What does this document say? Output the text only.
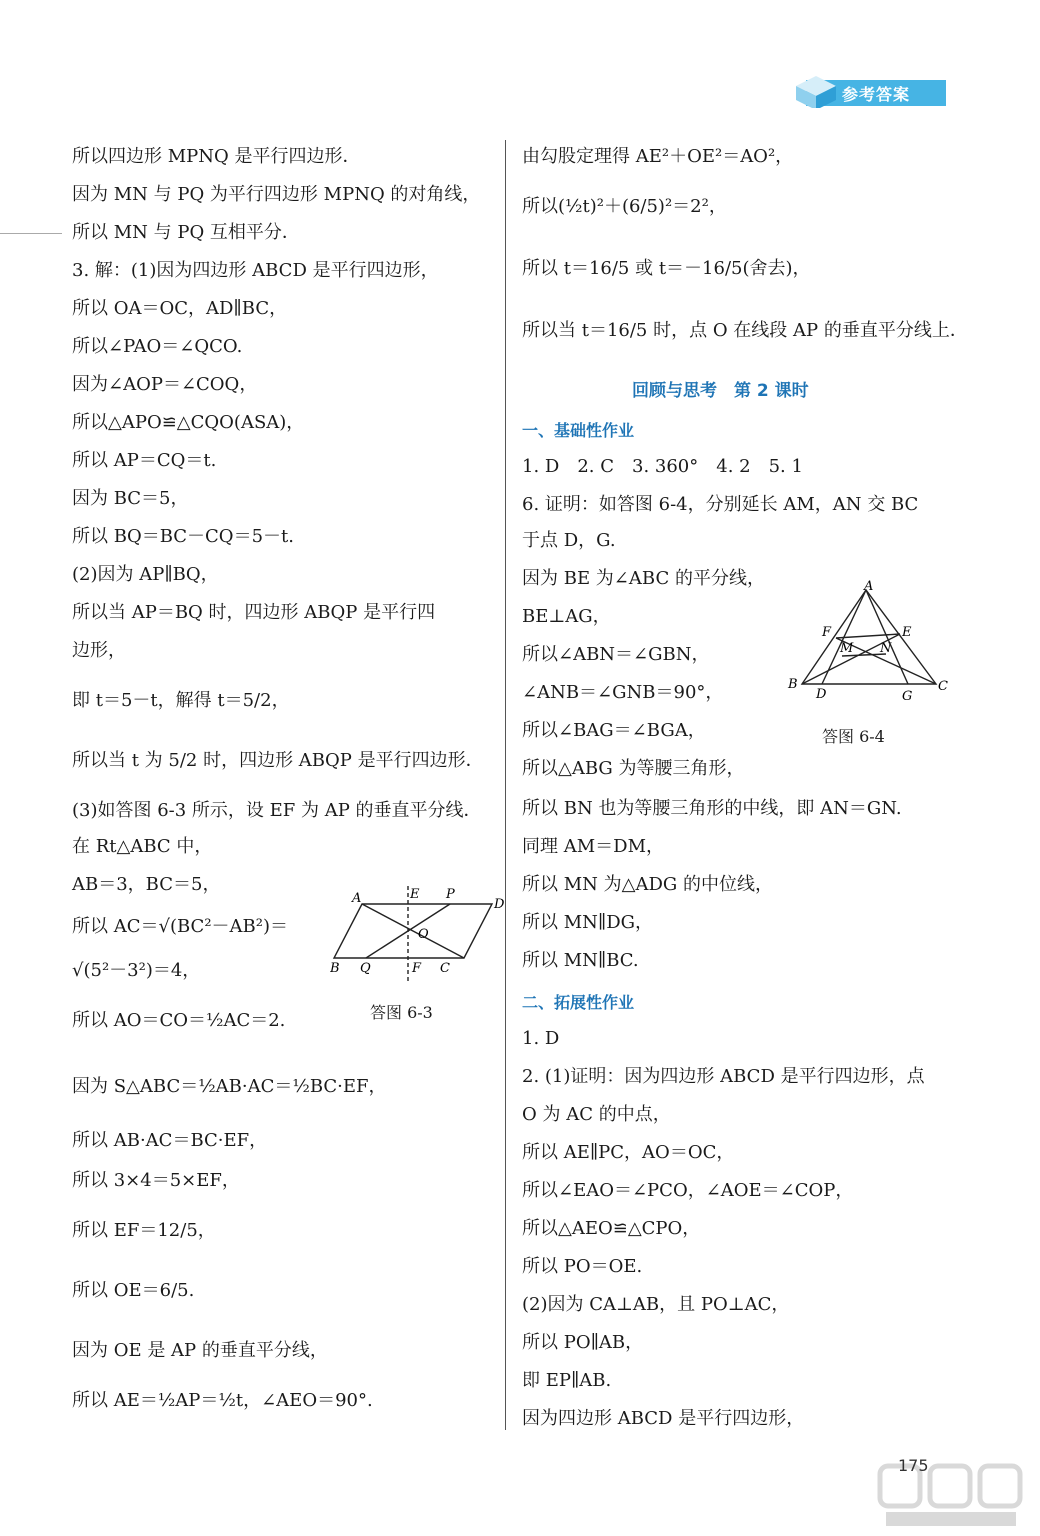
参考答案
所以四边形 MPNQ 是平行四边形．
因为 MN 与 PQ 为平行四边形 MPNQ 的对角线，
所以 MN 与 PQ 互相平分．
3. 解：(1)因为四边形 ABCD 是平行四边形，
所以 OA＝OC，AD∥BC，
所以∠PAO＝∠QCO.
因为∠AOP＝∠COQ，
所以△APO≌△CQO(ASA)，
所以 AP＝CQ＝t.
因为 BC＝5，
所以 BQ＝BC－CQ＝5－t.
(2)因为 AP∥BQ，
所以当 AP＝BQ 时，四边形 ABQP 是平行四
边形，
即 t＝5－t，解得 t＝5/2，
所以当 t 为 5/2 时，四边形 ABQP 是平行四边形．
(3)如答图 6-3 所示，设 EF 为 AP 的垂直平分线．
在 Rt△ABC 中，
AB＝3，BC＝5，
所以 AC＝√(BC²－AB²)＝
√(5²－3²)＝4，
所以 AO＝CO＝½AC＝2.
因为 S△ABC＝½AB·AC＝½BC·EF，
所以 AB·AC＝BC·EF，
所以 3×4＝5×EF，
所以 EF＝12/5，
所以 OE＝6/5.
因为 OE 是 AP 的垂直平分线，
所以 AE＝½AP＝½t，∠AEO＝90°.
A	E P
D
O
B Q	F C
答图 6-3
由勾股定理得 AE²＋OE²＝AO²，
所以(½t)²＋(6/5)²＝2²，
所以 t＝16/5 或 t＝－16/5(舍去)，
所以当 t＝16/5 时，点 O 在线段 AP 的垂直平分线上．
回顾与思考　第 2 课时
一、基础性作业
1. D　2. C　3. 360°　4. 2　5. 1
6. 证明：如答图 6-4，分别延长 AM，AN 交 BC
于点 D，G.
因为 BE 为∠ABC 的平分线，
BE⊥AG，
所以∠ABN＝∠GBN，
∠ANB＝∠GNB＝90°，
所以∠BAG＝∠BGA，
所以△ABG 为等腰三角形，
所以 BN 也为等腰三角形的中线，即 AN＝GN.
同理 AM＝DM，
所以 MN 为△ADG 的中位线，
所以 MN∥DG，
所以 MN∥BC.
二、拓展性作业
1. D
2. (1)证明：因为四边形 ABCD 是平行四边形，点
O 为 AC 的中点，
所以 AE∥PC，AO＝OC，
所以∠EAO＝∠PCO，∠AOE＝∠COP，
所以△AEO≌△CPO，
所以 PO＝OE.
(2)因为 CA⊥AB，且 PO⊥AC，
所以 PO∥AB，
即 EP∥AB.
因为四边形 ABCD 是平行四边形，
A
F	E
M N
B
D	G
C
答图 6-4
175
